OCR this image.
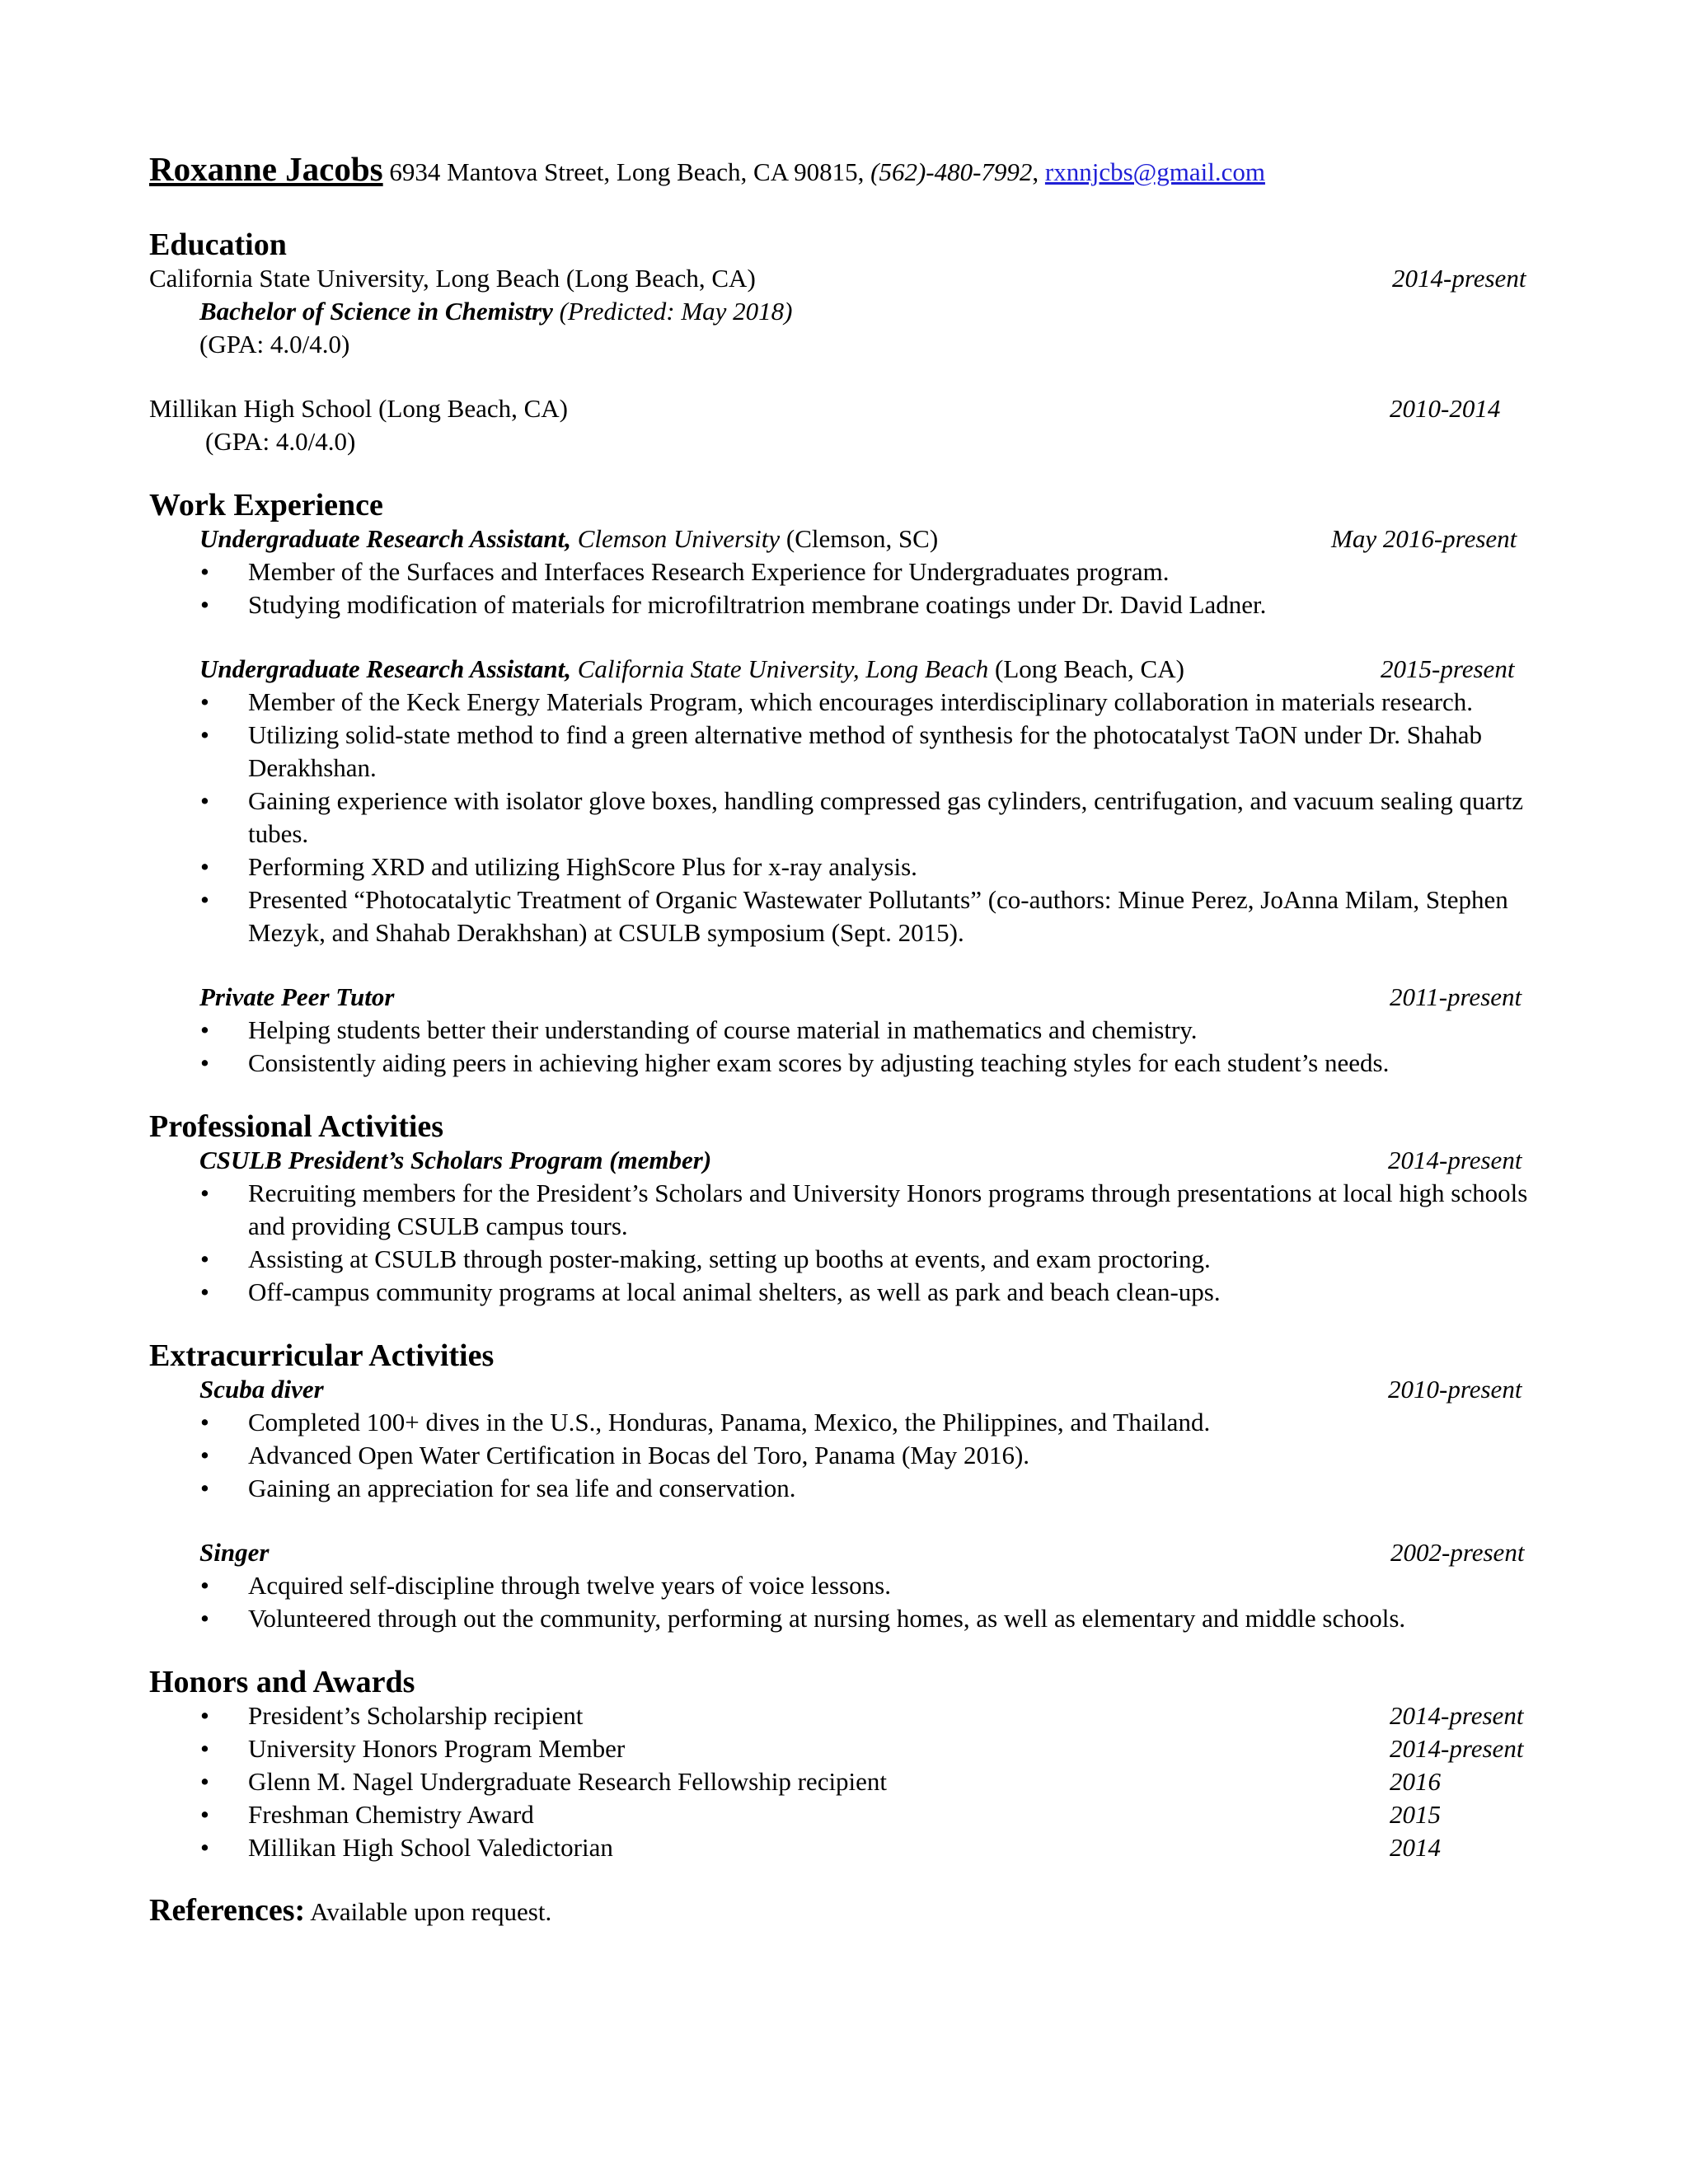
Roxanne Jacobs 6934 Mantova Street, Long Beach, CA 90815, (562)-480-7992, rxnnjcbs@gmail.com
Education
California State University, Long Beach (Long Beach, CA)	2014-present
Bachelor of Science in Chemistry (Predicted: May 2018)
(GPA: 4.0/4.0)
Millikan High School (Long Beach, CA)	2010-2014
(GPA: 4.0/4.0)
Work Experience
Undergraduate Research Assistant, Clemson University (Clemson, SC)	May 2016-present
• Member of the Surfaces and Interfaces Research Experience for Undergraduates program.
• Studying modification of materials for microfiltratrion membrane coatings under Dr. David Ladner.
Undergraduate Research Assistant, California State University, Long Beach (Long Beach, CA)	2015-present
• Member of the Keck Energy Materials Program, which encourages interdisciplinary collaboration in materials research.
• Utilizing solid-state method to find a green alternative method of synthesis for the photocatalyst TaON under Dr. Shahab Derakhshan.
• Gaining experience with isolator glove boxes, handling compressed gas cylinders, centrifugation, and vacuum sealing quartz tubes.
• Performing XRD and utilizing HighScore Plus for x-ray analysis.
• Presented “Photocatalytic Treatment of Organic Wastewater Pollutants” (co-authors: Minue Perez, JoAnna Milam, Stephen Mezyk, and Shahab Derakhshan) at CSULB symposium (Sept. 2015).
Private Peer Tutor	2011-present
• Helping students better their understanding of course material in mathematics and chemistry.
• Consistently aiding peers in achieving higher exam scores by adjusting teaching styles for each student’s needs.
Professional Activities
CSULB President’s Scholars Program (member)	2014-present
• Recruiting members for the President’s Scholars and University Honors programs through presentations at local high schools and providing CSULB campus tours.
• Assisting at CSULB through poster-making, setting up booths at events, and exam proctoring.
• Off-campus community programs at local animal shelters, as well as park and beach clean-ups.
Extracurricular Activities
Scuba diver	2010-present
• Completed 100+ dives in the U.S., Honduras, Panama, Mexico, the Philippines, and Thailand.
• Advanced Open Water Certification in Bocas del Toro, Panama (May 2016).
• Gaining an appreciation for sea life and conservation.
Singer	2002-present
• Acquired self-discipline through twelve years of voice lessons.
• Volunteered through out the community, performing at nursing homes, as well as elementary and middle schools.
Honors and Awards
• President’s Scholarship recipient	2014-present
• University Honors Program Member	2014-present
• Glenn M. Nagel Undergraduate Research Fellowship recipient	2016
• Freshman Chemistry Award	2015
• Millikan High School Valedictorian	2014
References: Available upon request.
